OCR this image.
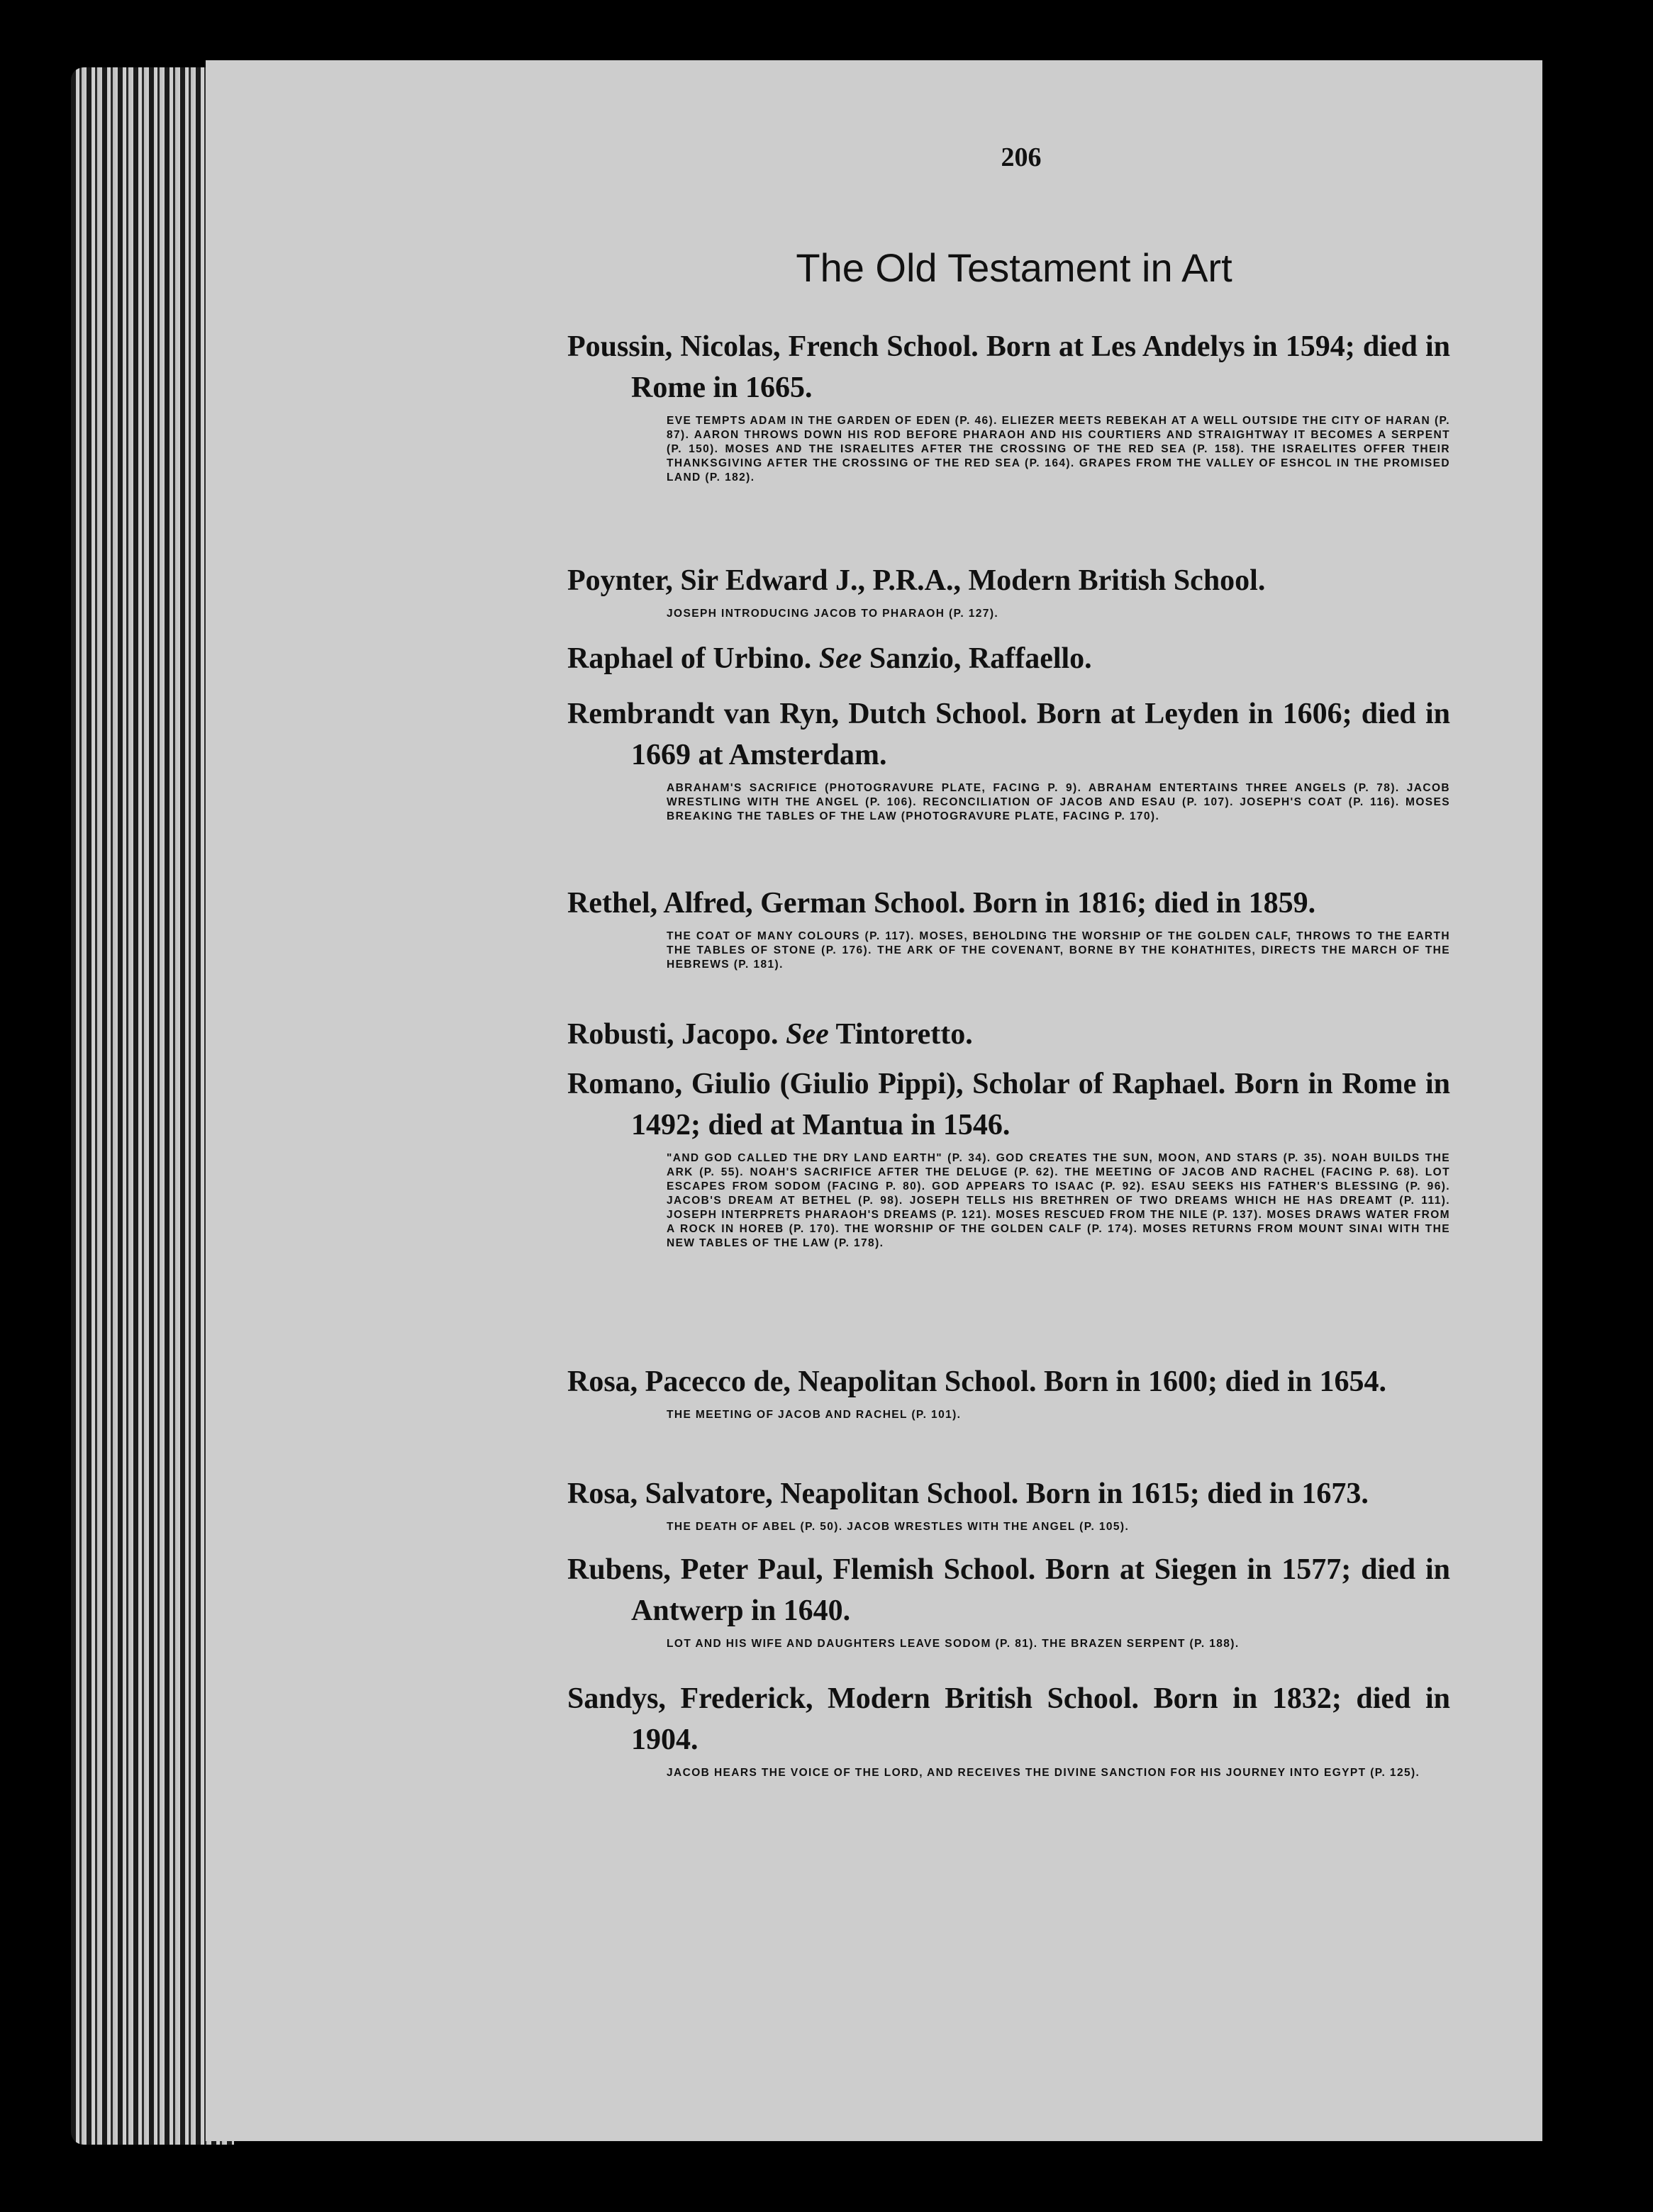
206
The Old Testament in Art
Poussin, Nicolas, French School. Born at Les Andelys in 1594; died in Rome in 1665.
EVE TEMPTS ADAM IN THE GARDEN OF EDEN (P. 46). ELIEZER MEETS REBEKAH AT A WELL OUTSIDE THE CITY OF HARAN (P. 87). AARON THROWS DOWN HIS ROD BEFORE PHARAOH AND HIS COURTIERS AND STRAIGHTWAY IT BECOMES A SERPENT (P. 150). MOSES AND THE ISRAELITES AFTER THE CROSSING OF THE RED SEA (P. 158). THE ISRAELITES OFFER THEIR THANKSGIVING AFTER THE CROSSING OF THE RED SEA (P. 164). GRAPES FROM THE VALLEY OF ESHCOL IN THE PROMISED LAND (P. 182).
Poynter, Sir Edward J., P.R.A., Modern British School.
JOSEPH INTRODUCING JACOB TO PHARAOH (P. 127).
Raphael of Urbino. See Sanzio, Raffaello.
Rembrandt van Ryn, Dutch School. Born at Leyden in 1606; died in 1669 at Amsterdam.
ABRAHAM'S SACRIFICE (PHOTOGRAVURE PLATE, FACING P. 9). ABRAHAM ENTERTAINS THREE ANGELS (P. 78). JACOB WRESTLING WITH THE ANGEL (P. 106). RECONCILIATION OF JACOB AND ESAU (P. 107). JOSEPH'S COAT (P. 116). MOSES BREAKING THE TABLES OF THE LAW (PHOTOGRAVURE PLATE, FACING P. 170).
Rethel, Alfred, German School. Born in 1816; died in 1859.
THE COAT OF MANY COLOURS (P. 117). MOSES, BEHOLDING THE WORSHIP OF THE GOLDEN CALF, THROWS TO THE EARTH THE TABLES OF STONE (P. 176). THE ARK OF THE COVENANT, BORNE BY THE KOHATHITES, DIRECTS THE MARCH OF THE HEBREWS (P. 181).
Robusti, Jacopo. See Tintoretto.
Romano, Giulio (Giulio Pippi), Scholar of Raphael. Born in Rome in 1492; died at Mantua in 1546.
"AND GOD CALLED THE DRY LAND EARTH" (P. 34). GOD CREATES THE SUN, MOON, AND STARS (P. 35). NOAH BUILDS THE ARK (P. 55). NOAH'S SACRIFICE AFTER THE DELUGE (P. 62). THE MEETING OF JACOB AND RACHEL (FACING P. 68). LOT ESCAPES FROM SODOM (FACING P. 80). GOD APPEARS TO ISAAC (P. 92). ESAU SEEKS HIS FATHER'S BLESSING (P. 96). JACOB'S DREAM AT BETHEL (P. 98). JOSEPH TELLS HIS BRETHREN OF TWO DREAMS WHICH HE HAS DREAMT (P. 111). JOSEPH INTERPRETS PHARAOH'S DREAMS (P. 121). MOSES RESCUED FROM THE NILE (P. 137). MOSES DRAWS WATER FROM A ROCK IN HOREB (P. 170). THE WORSHIP OF THE GOLDEN CALF (P. 174). MOSES RETURNS FROM MOUNT SINAI WITH THE NEW TABLES OF THE LAW (P. 178).
Rosa, Pacecco de, Neapolitan School. Born in 1600; died in 1654.
THE MEETING OF JACOB AND RACHEL (P. 101).
Rosa, Salvatore, Neapolitan School. Born in 1615; died in 1673.
THE DEATH OF ABEL (P. 50). JACOB WRESTLES WITH THE ANGEL (P. 105).
Rubens, Peter Paul, Flemish School. Born at Siegen in 1577; died in Antwerp in 1640.
LOT AND HIS WIFE AND DAUGHTERS LEAVE SODOM (P. 81). THE BRAZEN SERPENT (P. 188).
Sandys, Frederick, Modern British School. Born in 1832; died in 1904.
JACOB HEARS THE VOICE OF THE LORD, AND RECEIVES THE DIVINE SANCTION FOR HIS JOURNEY INTO EGYPT (P. 125).
